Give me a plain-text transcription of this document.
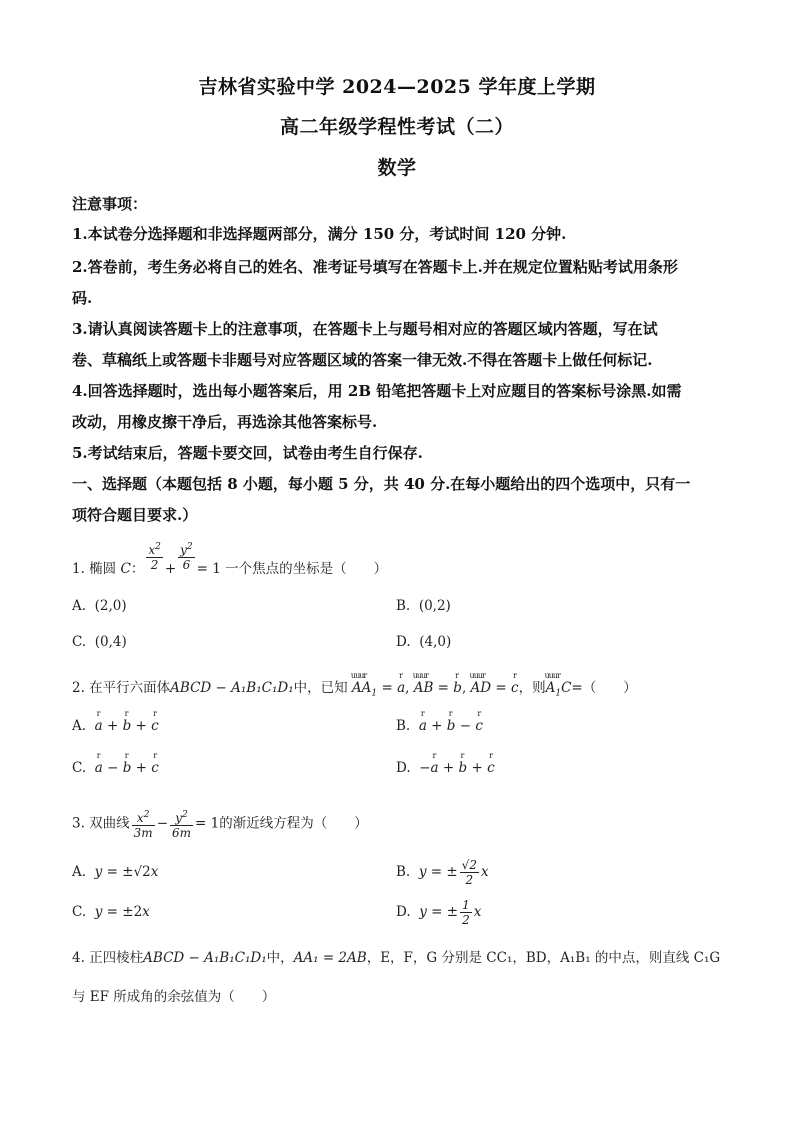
吉林省实验中学 2024—2025 学年度上学期
高二年级学程性考试（二）
数学
注意事项：
1.本试卷分选择题和非选择题两部分，满分 150 分，考试时间 120 分钟.
2.答卷前，考生务必将自己的姓名、准考证号填写在答题卡上.并在规定位置粘贴考试用条形
码.
3.请认真阅读答题卡上的注意事项，在答题卡上与题号相对应的答题区域内答题，写在试
卷、草稿纸上或答题卡非题号对应答题区域的答案一律无效.不得在答题卡上做任何标记.
4.回答选择题时，选出每小题答案后，用 2B 铅笔把答题卡上对应题目的答案标号涂黑.如需
改动，用橡皮擦干净后，再选涂其他答案标号.
5.考试结束后，答题卡要交回，试卷由考生自行保存.
一、选择题（本题包括 8 小题，每小题 5 分，共 40 分.在每小题给出的四个选项中，只有一
项符合题目要求.）
1. 椭圆 C： $\frac{x^2}{2} + \frac{y^2}{6} = 1$ 一个焦点的坐标是（　　）
A. (2,0)	B. (0,2)
C. (0,4)	D. (4,0)
2. 在平行六面体ABCD − A₁B₁C₁D₁中，已知 uuur $AA_1 = r$ a, uuur AB = r b, uuur AD = r c，则uuur $A_1C=$（　　）
A. r a + r b + r c	B. r a + r b − r c
C. r a − r b + r c	D.  −r a + r b + r c
3. 双曲线 $\frac{x^2}{3m} - \frac{y^2}{6m} = 1$的渐近线方程为（　　）
A. y = ±√2x	B. y = ± $\frac{√2}{2}$ x
C. y = ±2x	D. y = ± $\frac{1}{2}$ x
4. 正四棱柱ABCD − A₁B₁C₁D₁中，AA₁ = 2AB，E，F，G 分别是 CC₁，BD，A₁B₁ 的中点，则直线 C₁G
与 EF 所成角的余弦值为（　　）
